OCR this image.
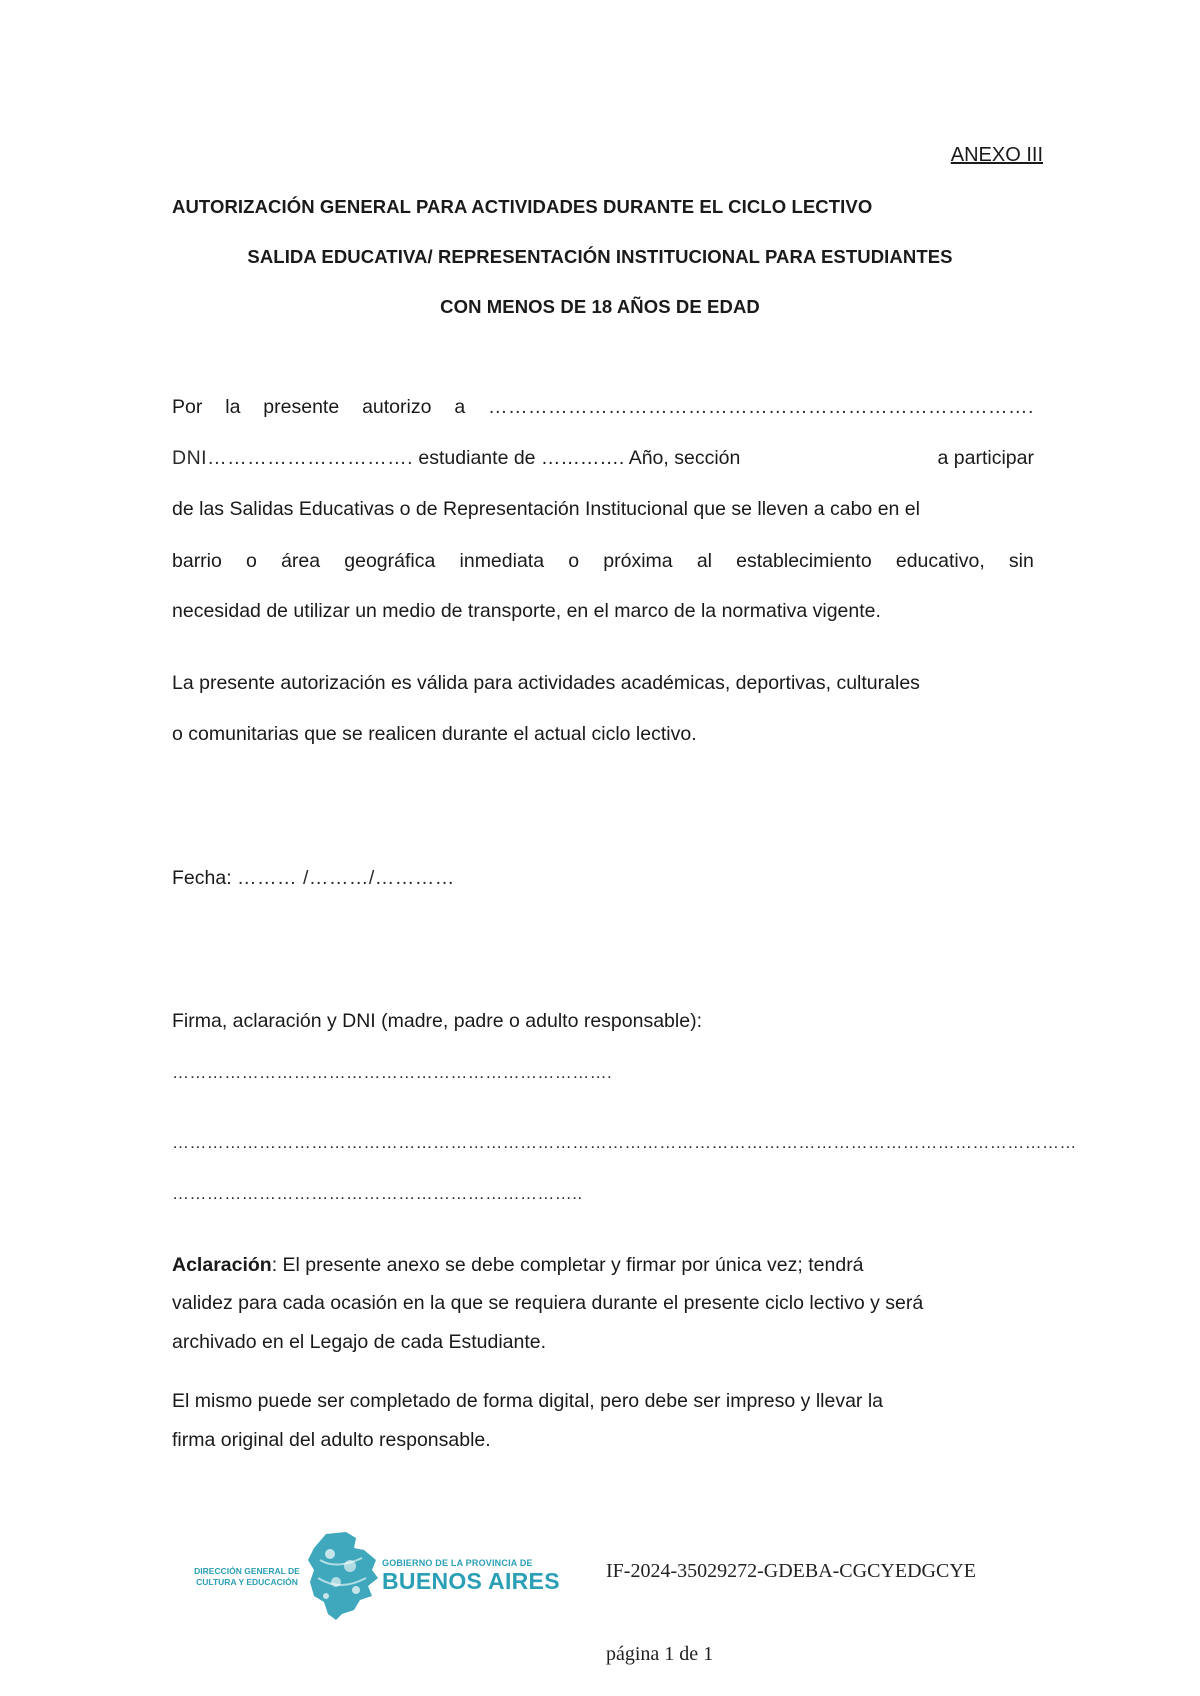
ANEXO III
AUTORIZACIÓN GENERAL PARA ACTIVIDADES DURANTE EL CICLO LECTIVO
SALIDA EDUCATIVA/ REPRESENTACIÓN INSTITUCIONAL PARA ESTUDIANTES
CON MENOS DE 18 AÑOS DE EDAD
Por la presente autorizo a ……………………………………………………………………….
DNI…………………………. estudiante de …………. Año, sección	a participar
de las Salidas Educativas o de Representación Institucional que se lleven a cabo en el
barrio o área geográfica inmediata o próxima al establecimiento educativo, sin
necesidad de utilizar un medio de transporte, en el marco de la normativa vigente.
La presente autorización es válida para actividades académicas, deportivas, culturales
o comunitarias que se realicen durante el actual ciclo lectivo.
Fecha: ……… /………/…………
Firma, aclaración y DNI (madre, padre o adulto responsable):
………………………………………………………………….
…………………………………………………………………………………………………………………………………………
……………………………………………………………..
Aclaración: El presente anexo se debe completar y firmar por única vez; tendrá
validez para cada ocasión en la que se requiera durante el presente ciclo lectivo y será
archivado en el Legajo de cada Estudiante.
El mismo puede ser completado de forma digital, pero debe ser impreso y llevar la
firma original del adulto responsable.
DIRECCIÓN GENERAL DE CULTURA Y EDUCACIÓN
GOBIERNO DE LA PROVINCIA DE
BUENOS AIRES IF-2024-35029272-GDEBA-CGCYEDGCYE
página 1 de 1
